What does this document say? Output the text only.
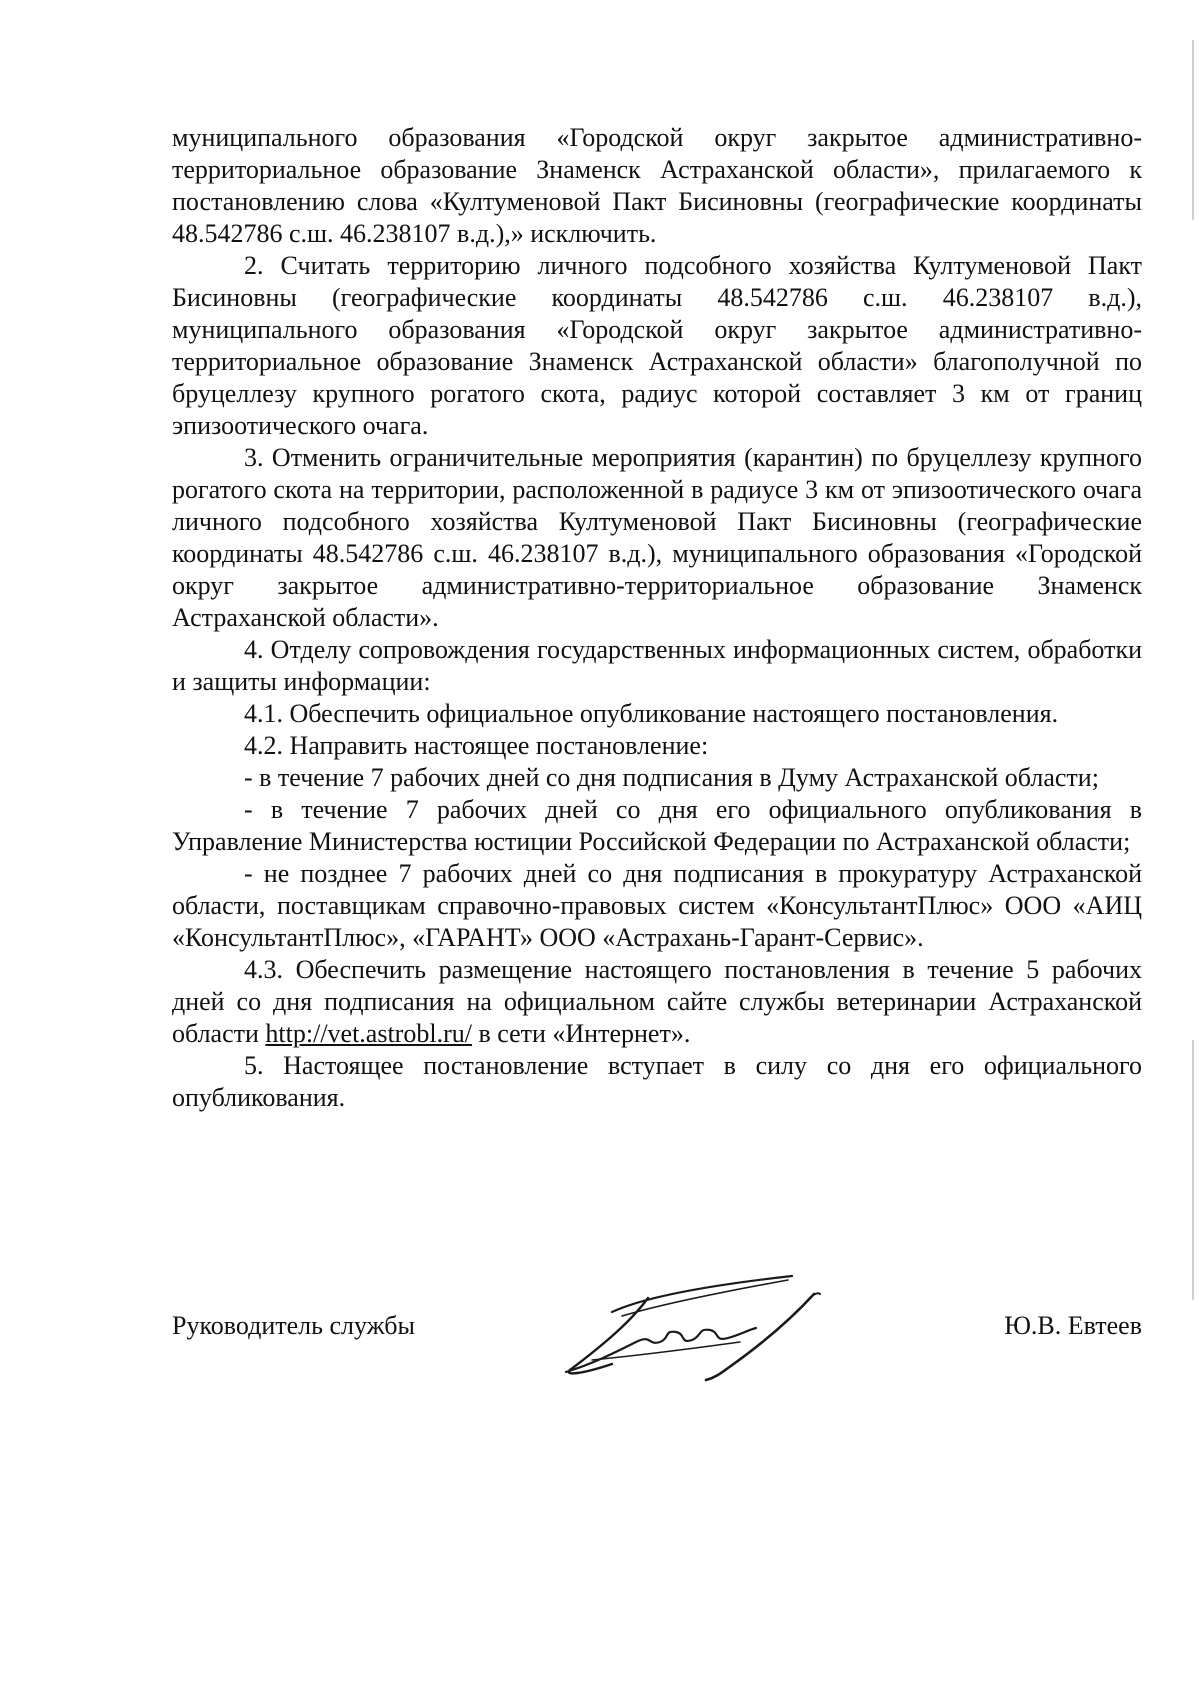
муниципального образования «Городской округ закрытое административно-территориальное образование Знаменск Астраханской области», прилагаемого к постановлению слова «Култуменовой Пакт Бисиновны (географические координаты 48.542786 с.ш. 46.238107 в.д.),» исключить.

2. Считать территорию личного подсобного хозяйства Култуменовой Пакт Бисиновны (географические координаты 48.542786 с.ш. 46.238107 в.д.), муниципального образования «Городской округ закрытое административно-территориальное образование Знаменск Астраханской области» благополучной по бруцеллезу крупного рогатого скота, радиус которой составляет 3 км от границ эпизоотического очага.

3. Отменить ограничительные мероприятия (карантин) по бруцеллезу крупного рогатого скота на территории, расположенной в радиусе 3 км от эпизоотического очага личного подсобного хозяйства Култуменовой Пакт Бисиновны (географические координаты 48.542786 с.ш. 46.238107 в.д.), муниципального образования «Городской округ закрытое административно-территориальное образование Знаменск Астраханской области».

4. Отделу сопровождения государственных информационных систем, обработки и защиты информации:

4.1. Обеспечить официальное опубликование настоящего постановления.

4.2. Направить настоящее постановление:

- в течение 7 рабочих дней со дня подписания в Думу Астраханской области;

- в течение 7 рабочих дней со дня его официального опубликования в Управление Министерства юстиции Российской Федерации по Астраханской области;

- не позднее 7 рабочих дней со дня подписания в прокуратуру Астраханской области, поставщикам справочно-правовых систем «КонсультантПлюс» ООО «АИЦ «КонсультантПлюс», «ГАРАНТ» ООО «Астрахань-Гарант-Сервис».

4.3. Обеспечить размещение настоящего постановления в течение 5 рабочих дней со дня подписания на официальном сайте службы ветеринарии Астраханской области http://vet.astrobl.ru/ в сети «Интернет».

5. Настоящее постановление вступает в силу со дня его официального опубликования.

Руководитель службы	Ю.В. Евтеев
